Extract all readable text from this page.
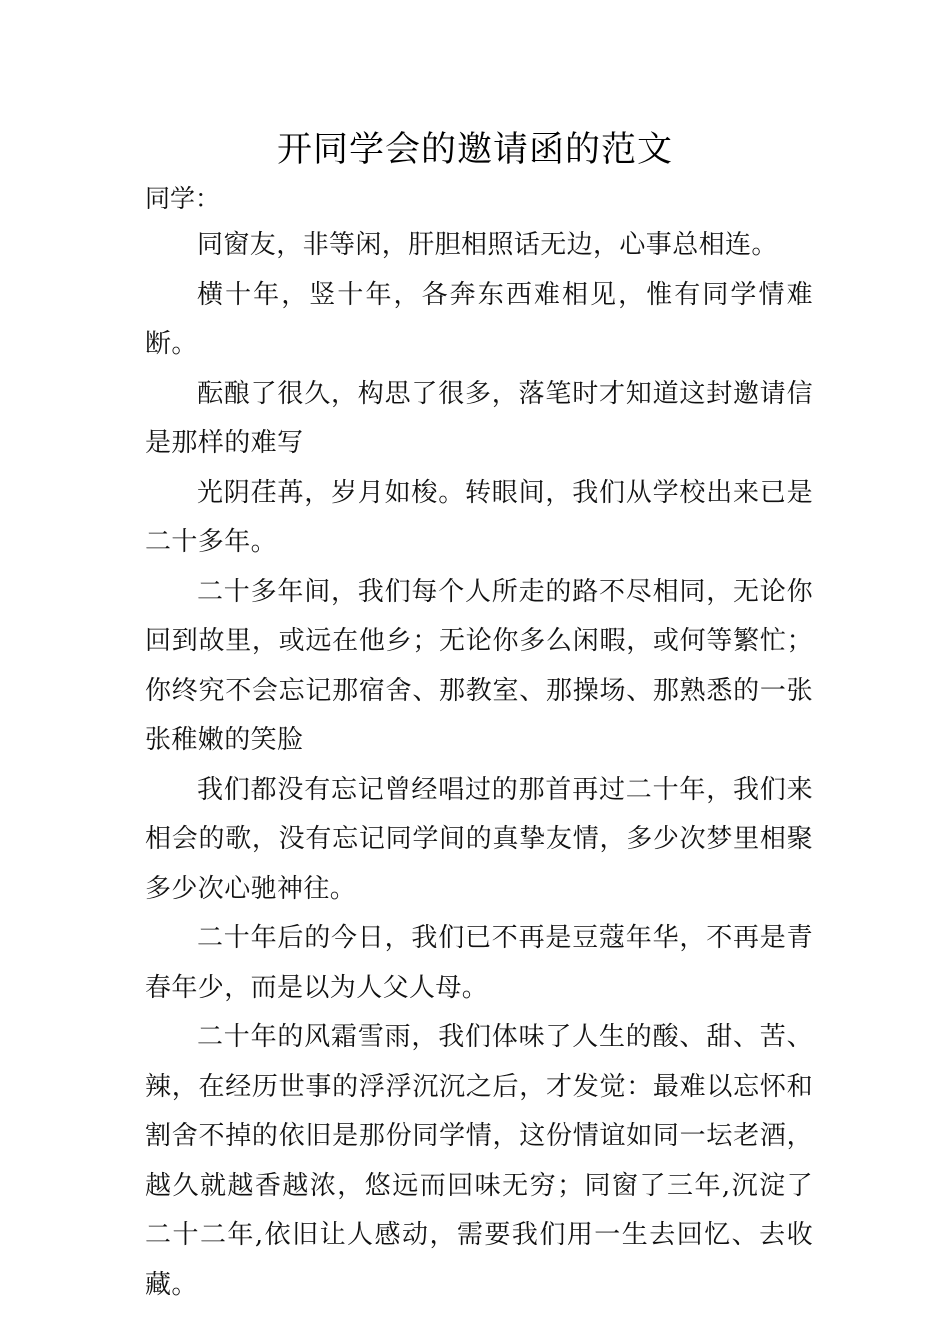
开同学会的邀请函的范文

同学：

同窗友，非等闲，肝胆相照话无边，心事总相连。

横十年，竖十年，各奔东西难相见，惟有同学情难断。

酝酿了很久，构思了很多，落笔时才知道这封邀请信是那样的难写

光阴荏苒，岁月如梭。转眼间，我们从学校出来已是二十多年。

二十多年间，我们每个人所走的路不尽相同，无论你回到故里，或远在他乡；无论你多么闲暇，或何等繁忙；你终究不会忘记那宿舍、那教室、那操场、那熟悉的一张张稚嫩的笑脸

我们都没有忘记曾经唱过的那首再过二十年，我们来相会的歌，没有忘记同学间的真挚友情，多少次梦里相聚多少次心驰神往。

二十年后的今日，我们已不再是豆蔻年华，不再是青春年少，而是以为人父人母。

二十年的风霜雪雨，我们体味了人生的酸、甜、苦、辣，在经历世事的浮浮沉沉之后，才发觉：最难以忘怀和割舍不掉的依旧是那份同学情，这份情谊如同一坛老酒，越久就越香越浓，悠远而回味无穷；同窗了三年,沉淀了二十二年,依旧让人感动，需要我们用一生去回忆、去收藏。
